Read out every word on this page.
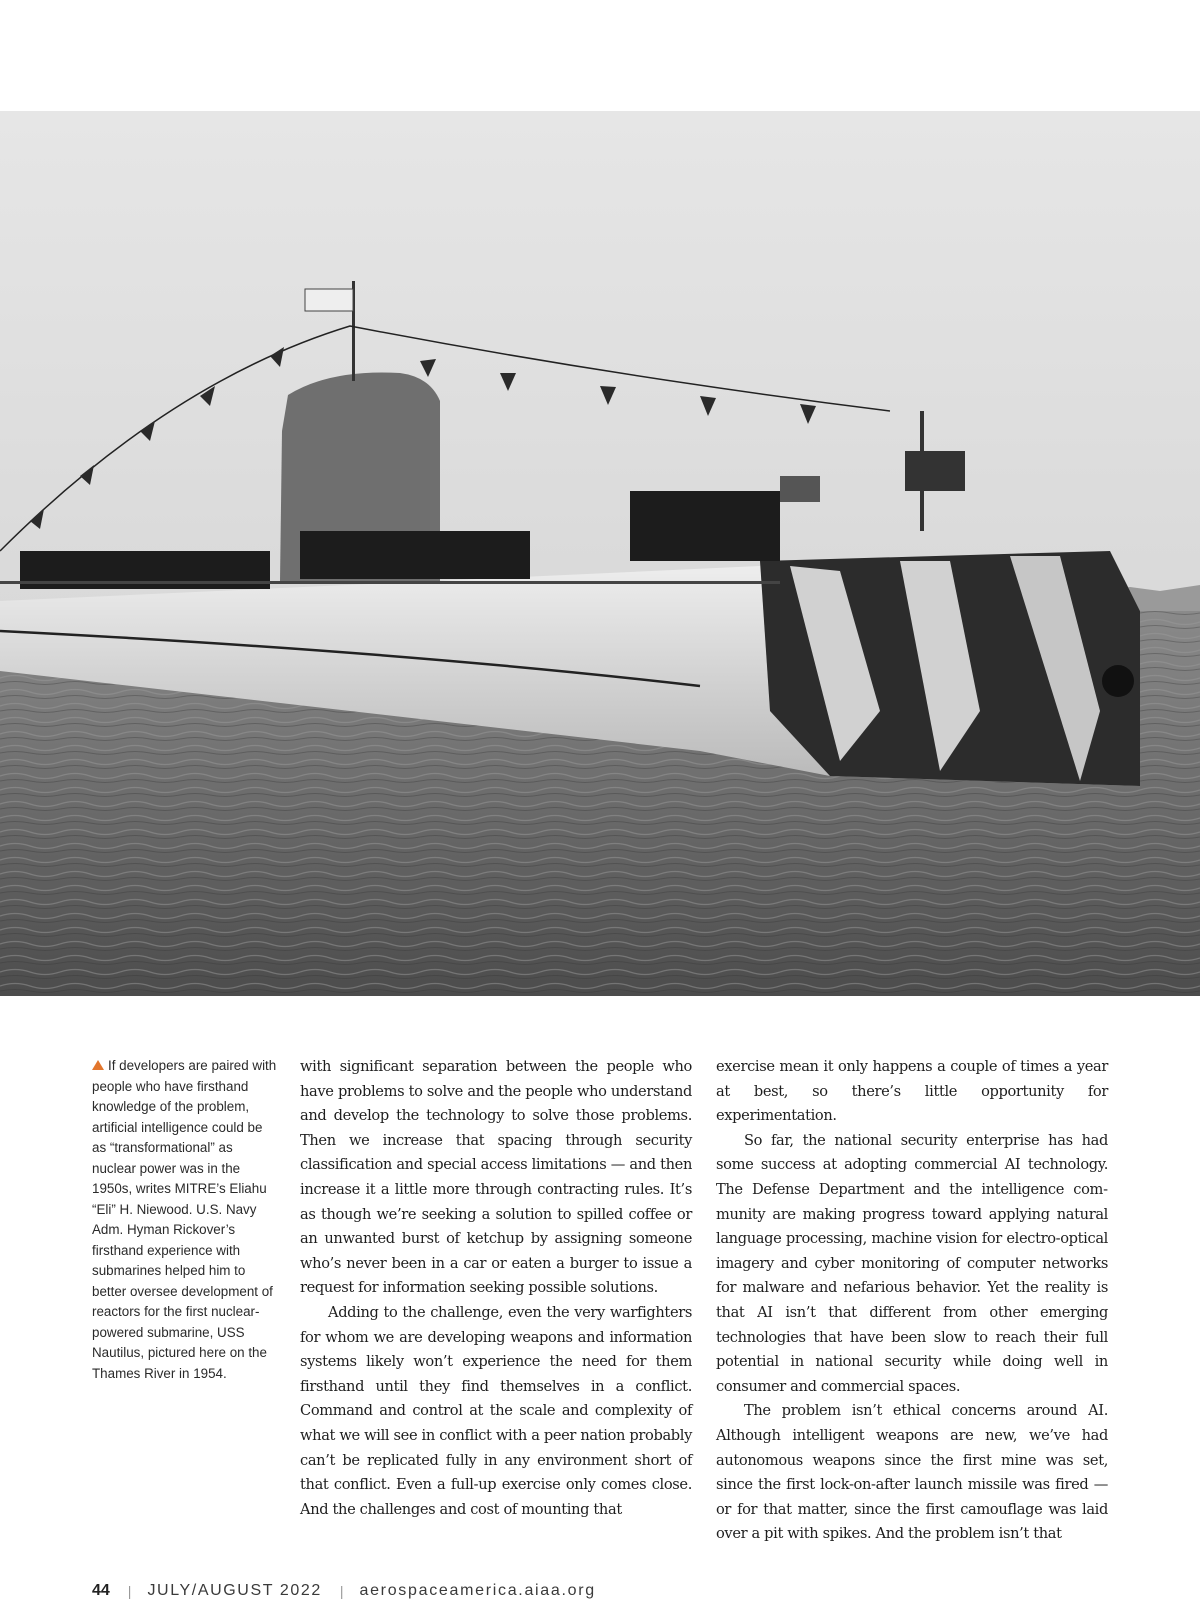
If developers are paired with people who have firsthand knowledge of the problem, artificial intelligence could be as “transformational” as nuclear power was in the 1950s, writes MITRE’s Eliahu “Eli” H. Niewood. U.S. Navy Adm. Hyman Rickover’s firsthand experience with submarines helped him to better oversee development of reactors for the first nuclear-powered submarine, USS Nautilus, pictured here on the Thames River in 1954.

with significant separation between the people who have problems to solve and the people who understand and develop the technology to solve those problems. Then we increase that spacing through security classification and special access limitations — and then increase it a little more through contracting rules. It’s as though we’re seeking a solution to spilled coffee or an unwanted burst of ketchup by assigning someone who’s never been in a car or eaten a burger to issue a request for information seeking possible solutions.

Adding to the challenge, even the very warfighters for whom we are developing weapons and information systems likely won’t experience the need for them firsthand until they find themselves in a conflict. Command and control at the scale and complexity of what we will see in conflict with a peer nation probably can’t be replicated fully in any environment short of that conflict. Even a full-up exercise only comes close. And the challenges and cost of mounting that

exercise mean it only happens a couple of times a year at best, so there’s little opportunity for experimentation.

So far, the national security enterprise has had some success at adopting commercial AI technology. The Defense Department and the intelligence community are making progress toward applying natural language processing, machine vision for electro-optical imagery and cyber monitoring of computer networks for malware and nefarious behavior. Yet the reality is that AI isn’t that different from other emerging technologies that have been slow to reach their full potential in national security while doing well in consumer and commercial spaces.

The problem isn’t ethical concerns around AI. Although intelligent weapons are new, we’ve had autonomous weapons since the first mine was set, since the first lock-on-after launch missile was fired — or for that matter, since the first camouflage was laid over a pit with spikes. And the problem isn’t that

44 | JULY/AUGUST 2022 | aerospaceamerica.aiaa.org
